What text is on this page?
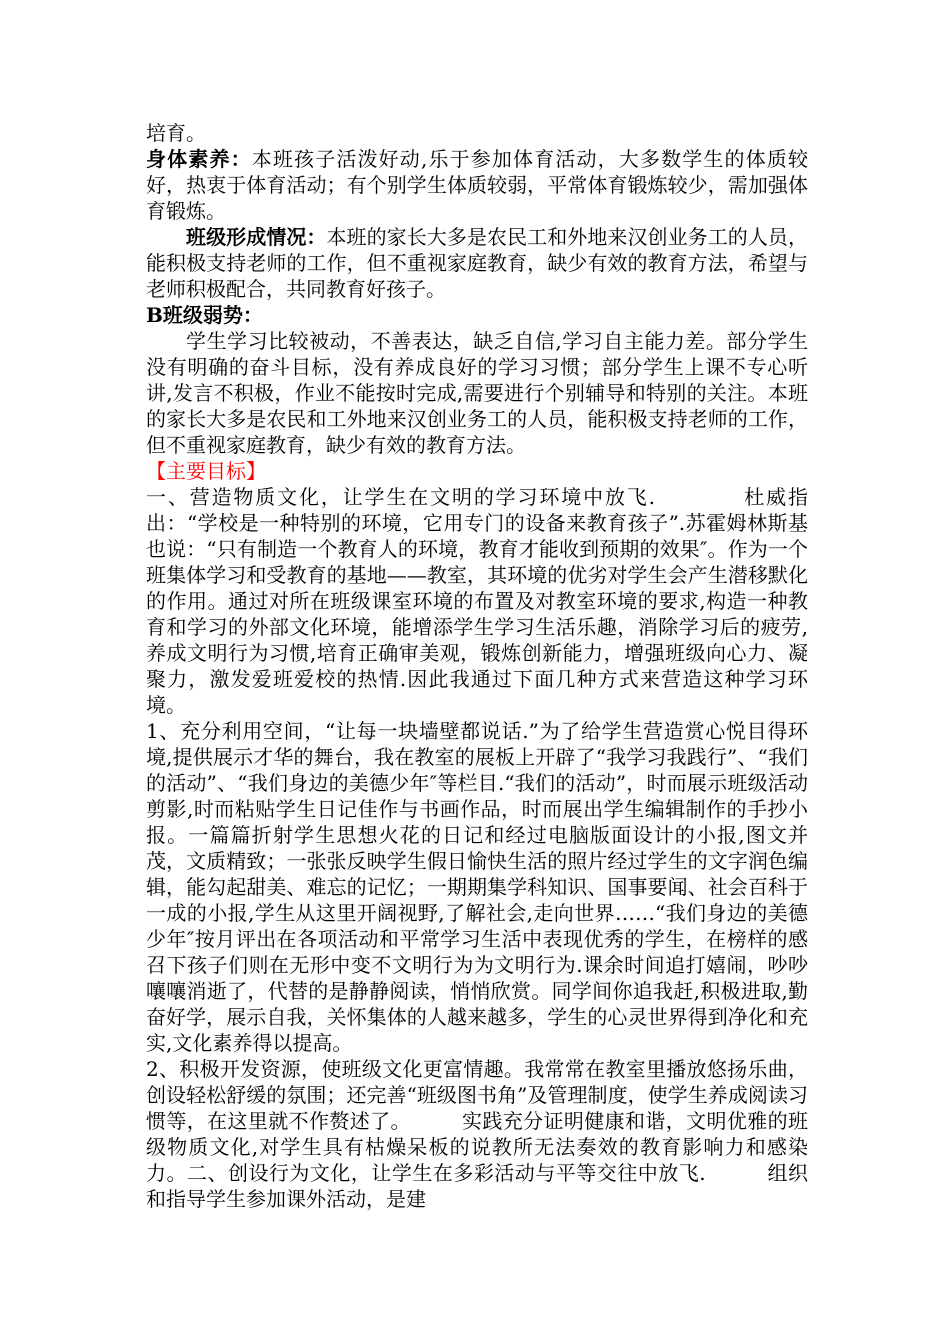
培育。

身体素养：本班孩子活泼好动,乐于参加体育活动，大多数学生的体质较好，热衷于体育活动；有个别学生体质较弱，平常体育锻炼较少，需加强体育锻炼。

班级形成情况：本班的家长大多是农民工和外地来汉创业务工的人员，能积极支持老师的工作，但不重视家庭教育，缺少有效的教育方法，希望与老师积极配合，共同教育好孩子。

B班级弱势：

学生学习比较被动，不善表达，缺乏自信,学习自主能力差。部分学生没有明确的奋斗目标，没有养成良好的学习习惯；部分学生上课不专心听讲,发言不积极，作业不能按时完成,需要进行个别辅导和特别的关注。本班的家长大多是农民和工外地来汉创业务工的人员，能积极支持老师的工作，但不重视家庭教育，缺少有效的教育方法。

【主要目标】

一、营造物质文化，让学生在文明的学习环境中放飞.　　　　杜威指出：“学校是一种特别的环境，它用专门的设备来教育孩子”.苏霍姆林斯基也说：“只有制造一个教育人的环境，教育才能收到预期的效果″。作为一个班集体学习和受教育的基地——教室，其环境的优劣对学生会产生潜移默化的作用。通过对所在班级课室环境的布置及对教室环境的要求,构造一种教育和学习的外部文化环境，能增添学生学习生活乐趣，消除学习后的疲劳,养成文明行为习惯,培育正确审美观，锻炼创新能力，增强班级向心力、凝聚力，激发爱班爱校的热情.因此我通过下面几种方式来营造这种学习环境。

1、充分利用空间，“让每一块墙壁都说话.”为了给学生营造赏心悦目得环境,提供展示才华的舞台，我在教室的展板上开辟了“我学习我践行”、“我们的活动”、“我们身边的美德少年″等栏目.“我们的活动”，时而展示班级活动剪影,时而粘贴学生日记佳作与书画作品，时而展出学生编辑制作的手抄小报。一篇篇折射学生思想火花的日记和经过电脑版面设计的小报,图文并茂，文质精致；一张张反映学生假日愉快生活的照片经过学生的文字润色编辑，能勾起甜美、难忘的记忆；一期期集学科知识、国事要闻、社会百科于一成的小报,学生从这里开阔视野,了解社会,走向世界……“我们身边的美德少年″按月评出在各项活动和平常学习生活中表现优秀的学生，在榜样的感召下孩子们则在无形中变不文明行为为文明行为.课余时间追打嬉闹，吵吵嚷嚷消逝了，代替的是静静阅读，悄悄欣赏。同学间你追我赶,积极进取,勤奋好学，展示自我，关怀集体的人越来越多，学生的心灵世界得到净化和充实,文化素养得以提高。

2、积极开发资源，使班级文化更富情趣。我常常在教室里播放悠扬乐曲，创设轻松舒缓的氛围；还完善“班级图书角”及管理制度，使学生养成阅读习惯等，在这里就不作赘述了。　　　实践充分证明健康和谐，文明优雅的班级物质文化,对学生具有枯燥呆板的说教所无法奏效的教育影响力和感染力。二、创设行为文化，让学生在多彩活动与平等交往中放飞.　　　组织和指导学生参加课外活动，是建
